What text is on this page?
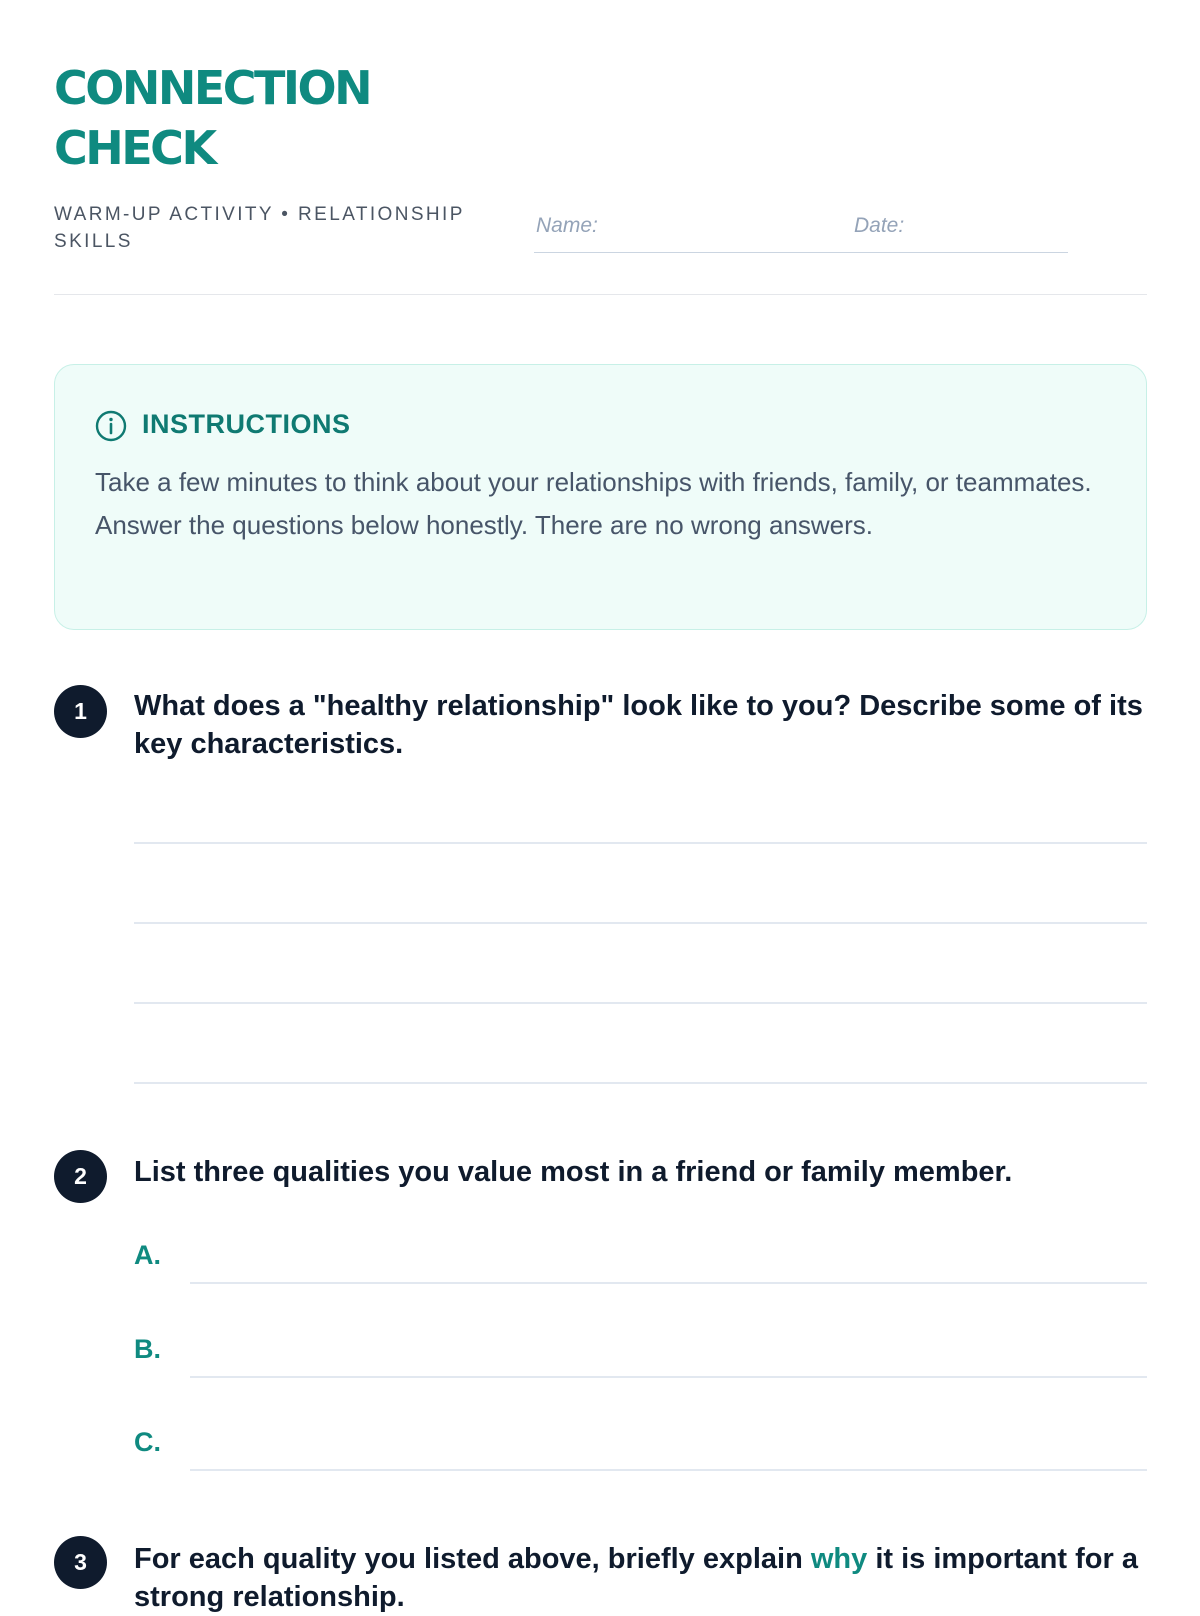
CONNECTION
CHECK
WARM-UP ACTIVITY • RELATIONSHIP SKILLS
Name:	Date:
INSTRUCTIONS

Take a few minutes to think about your relationships with friends, family, or teammates. Answer the questions below honestly. There are no wrong answers.

1	What does a "healthy relationship" look like to you? Describe some of its key characteristics.

2	List three qualities you value most in a friend or family member.

A.
B.
C.
3	For each quality you listed above, briefly explain why it is important for a strong relationship.
